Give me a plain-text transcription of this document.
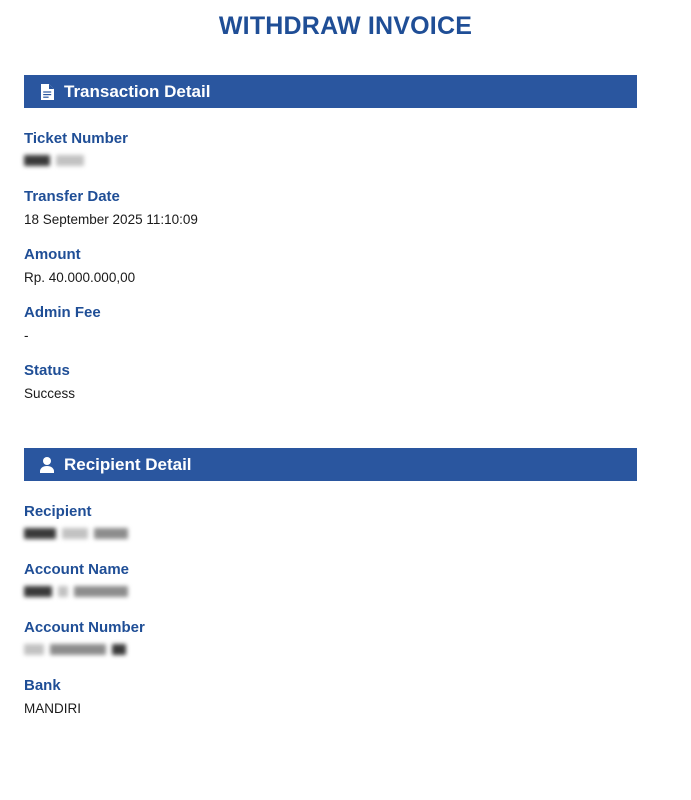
WITHDRAW INVOICE
Transaction Detail
Ticket Number
Transfer Date
18 September 2025 11:10:09
Amount
Rp. 40.000.000,00
Admin Fee
-
Status
Success
Recipient Detail
Recipient
Account Name
Account Number
Bank
MANDIRI
